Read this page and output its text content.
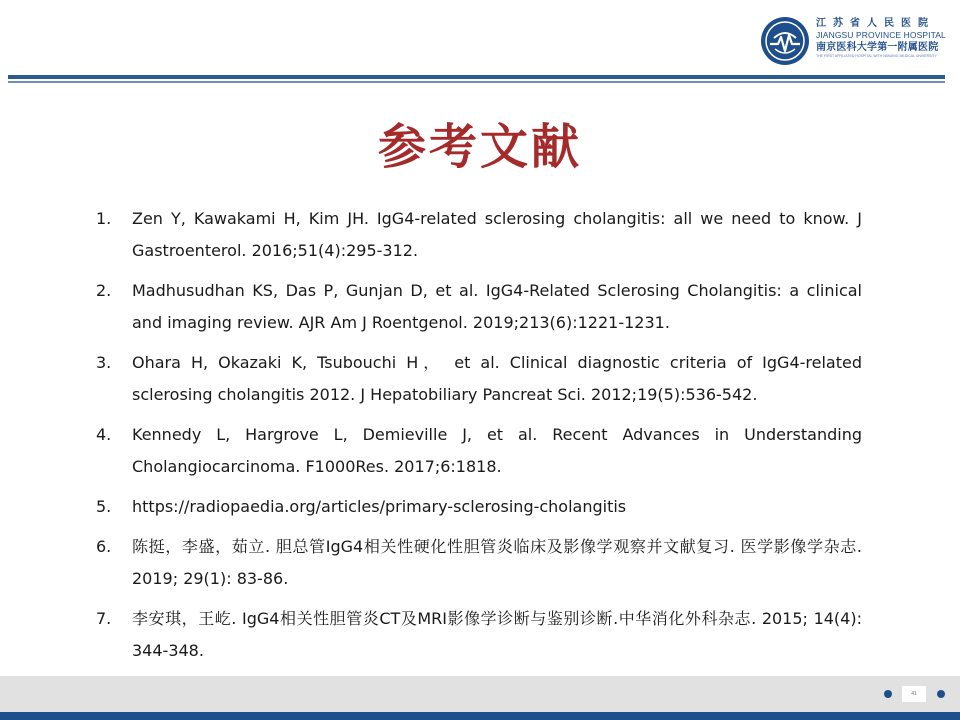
江苏省人民医院
JIANGSU PROVINCE HOSPITAL
南京医科大学第一附属医院
THE FIRST AFFILIATED HOSPITAL WITH NANJING MEDICAL UNIVERSITY
参考文献
1.	Zen Y, Kawakami H, Kim JH. IgG4-related sclerosing cholangitis: all we need to know. J Gastroenterol. 2016;51(4):295-312.
2.	Madhusudhan KS, Das P, Gunjan D, et al. IgG4-Related Sclerosing Cholangitis: a clinical and imaging review. AJR Am J Roentgenol. 2019;213(6):1221-1231.
3.	Ohara H, Okazaki K, Tsubouchi H， et al. Clinical diagnostic criteria of IgG4-related sclerosing cholangitis 2012. J Hepatobiliary Pancreat Sci. 2012;19(5):536-542.
4.	Kennedy L, Hargrove L, Demieville J, et al. Recent Advances in Understanding Cholangiocarcinoma. F1000Res. 2017;6:1818.
5.	https://radiopaedia.org/articles/primary-sclerosing-cholangitis
6.	陈挺，李盛，茹立. 胆总管IgG4相关性硬化性胆管炎临床及影像学观察并文献复习. 医学影像学杂志. 2019; 29(1): 83-86.
7.	李安琪，王屹. IgG4相关性胆管炎CT及MRI影像学诊断与鉴别诊断.中华消化外科杂志. 2015; 14(4): 344-348.
41
